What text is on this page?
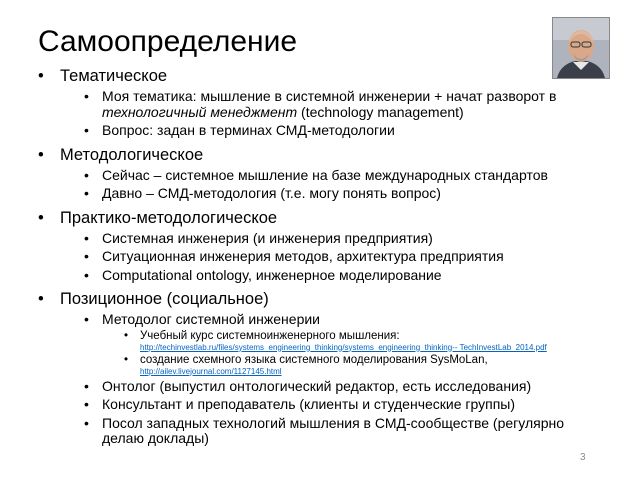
Самоопределение
• Тематическое
• Моя тематика: мышление в системной инженерии + начат разворот в технологичный менеджмент (technology management)
• Вопрос: задан в терминах СМД-методологии
• Методологическое
• Сейчас – системное мышление на базе международных стандартов
• Давно – СМД-методология (т.е. могу понять вопрос)
• Практико-методологическое
• Системная инженерия (и инженерия предприятия)
• Ситуационная инженерия методов, архитектура предприятия
• Computational ontology, инженерное моделирование
• Позиционное (социальное)
• Методолог системной инженерии
• Учебный курс системноинженерного мышления:
http://techinvestlab.ru/files/systems_engineering_thinking/systems_engineering_thinking-- TechInvestLab_2014.pdf
• создание схемного языка системного моделирования SysMoLan,
http://ailev.livejournal.com/1127145.html
• Онтолог (выпустил онтологический редактор, есть исследования)
• Консультант и преподаватель (клиенты и студенческие группы)
• Посол западных технологий мышления в СМД-сообществе (регулярно делаю доклады)
3
